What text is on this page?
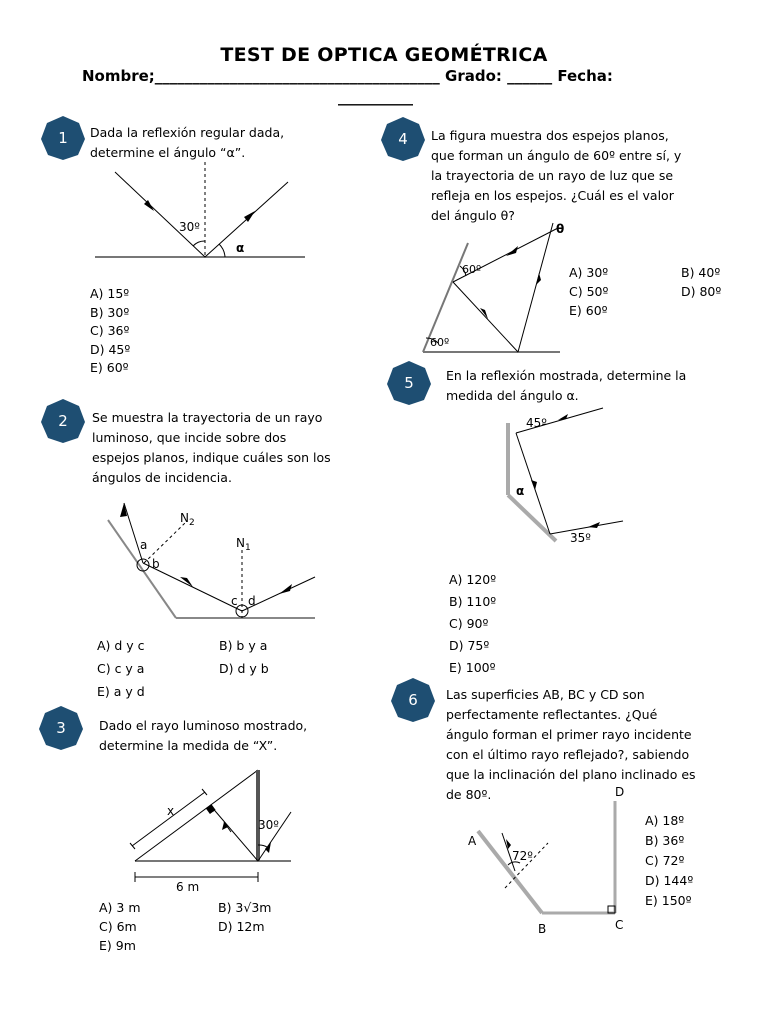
TEST DE OPTICA GEOMÉTRICA
Nombre;______________________________________ Grado: ______ Fecha:
__________
1	Dada la reflexión regular dada, determine el ángulo “α”.
30º
α
A) 15º
B) 30º
C) 36º
D) 45º
E) 60º
2	Se muestra la trayectoria de un rayo luminoso, que incide sobre dos espejos planos, indique cuáles son los ángulos de incidencia.
$N_2$
$N_1$
a
b
c d
A) d y c	B) b y a
C) c y a	D) d y b
E) a y d
3	Dado el rayo luminoso mostrado, determine la medida de “X”.
x
30º
6 m
A) 3 m	B) 3√3m
C) 6m	D) 12m
E) 9m
4	La figura muestra dos espejos planos, que forman un ángulo de 60º entre sí, y la trayectoria de un rayo de luz que se refleja en los espejos. ¿Cuál es el valor del ángulo θ?
60º
60º
θ
A) 30º	B) 40º
C) 50º	D) 80º
E) 60º
5	En la reflexión mostrada, determine la medida del ángulo α.
45º
α
35º
A) 120º
B) 110º
C) 90º
D) 75º
E) 100º
6	Las superficies AB, BC y CD son perfectamente reflectantes. ¿Qué ángulo forman el primer rayo incidente con el último rayo reflejado?, sabiendo que la inclinación del plano inclinado es de 80º.
A
B	C
D
72º
A) 18º
B) 36º
C) 72º
D) 144º
E) 150º
